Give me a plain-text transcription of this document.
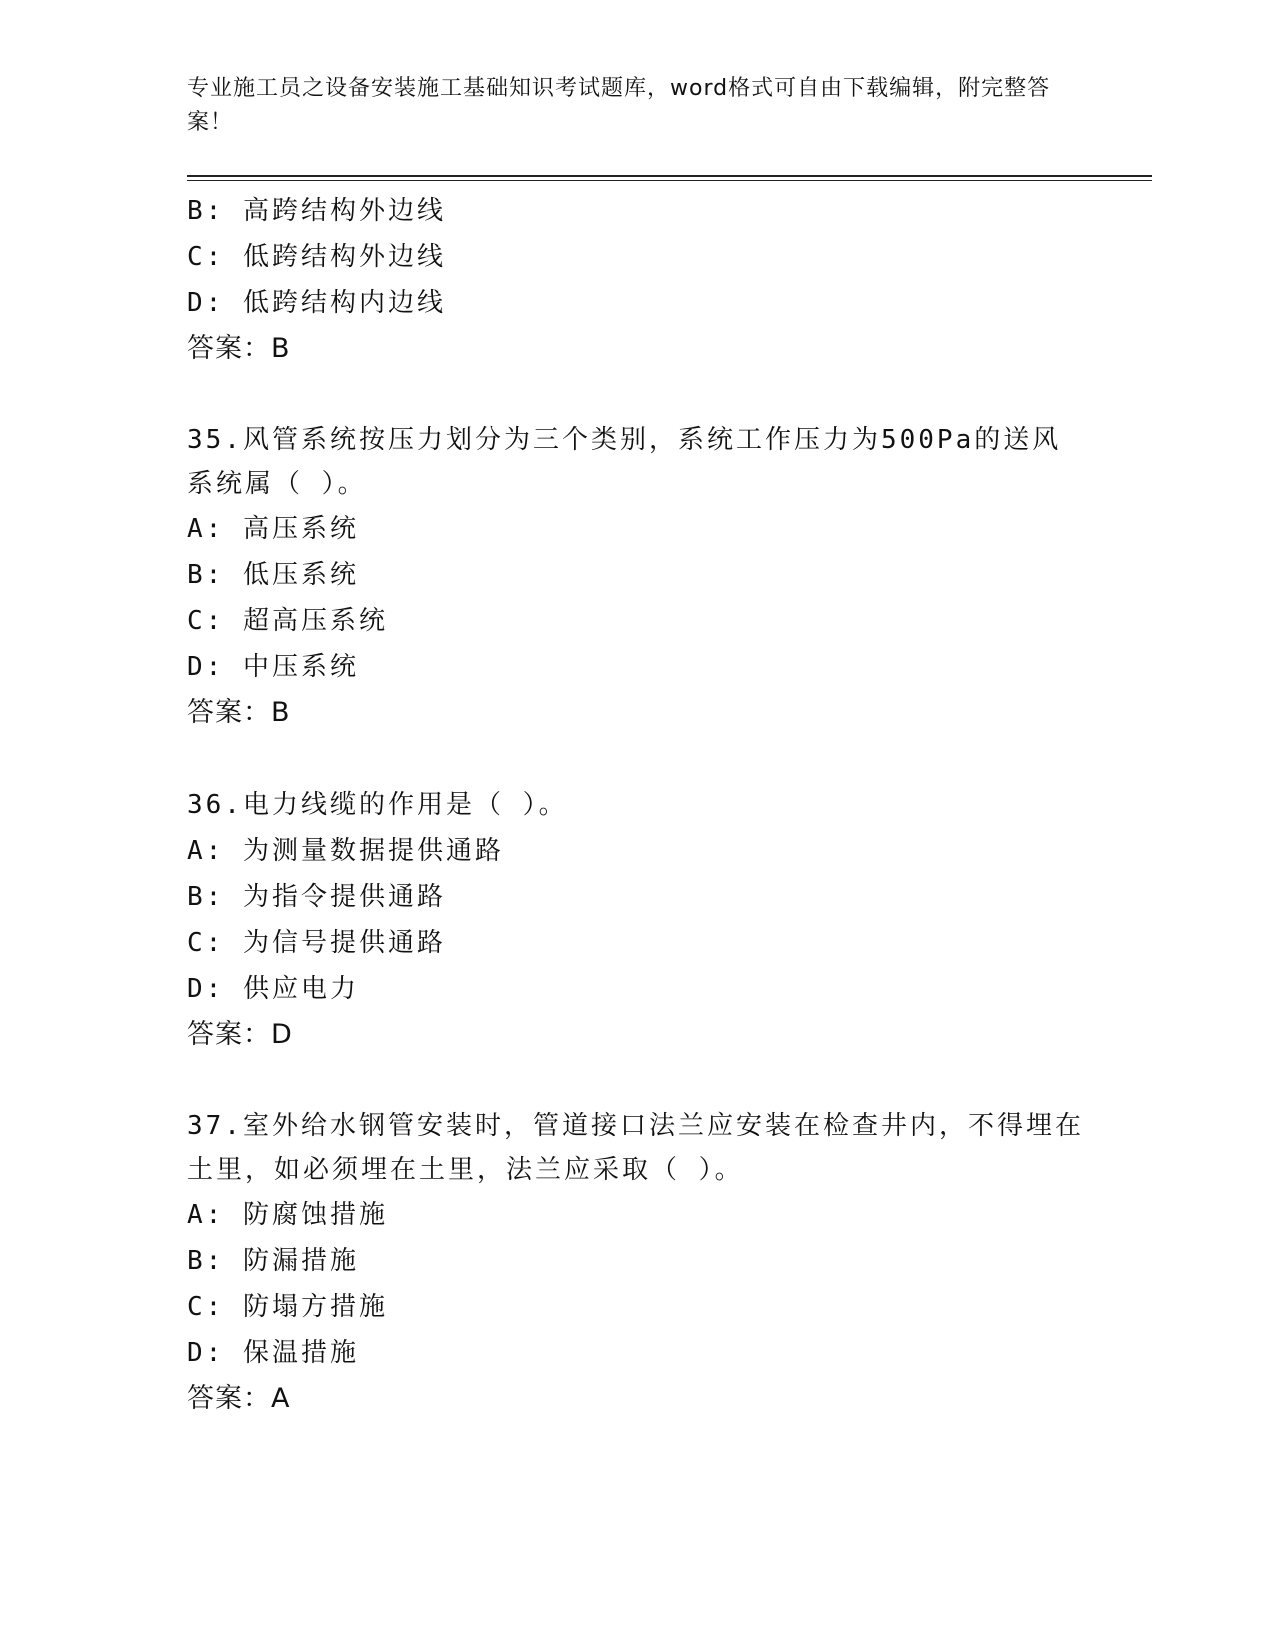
专业施工员之设备安装施工基础知识考试题库，word格式可自由下载编辑，附完整答案！
B: 高跨结构外边线
C: 低跨结构外边线
D: 低跨结构内边线
答案：B
35.风管系统按压力划分为三个类别，系统工作压力为500Pa的送风系统属（ ）。
A: 高压系统
B: 低压系统
C: 超高压系统
D: 中压系统
答案：B
36.电力线缆的作用是（ ）。
A: 为测量数据提供通路
B: 为指令提供通路
C: 为信号提供通路
D: 供应电力
答案：D
37.室外给水钢管安装时，管道接口法兰应安装在检查井内，不得埋在土里，如必须埋在土里，法兰应采取（ ）。
A: 防腐蚀措施
B: 防漏措施
C: 防塌方措施
D: 保温措施
答案：A
